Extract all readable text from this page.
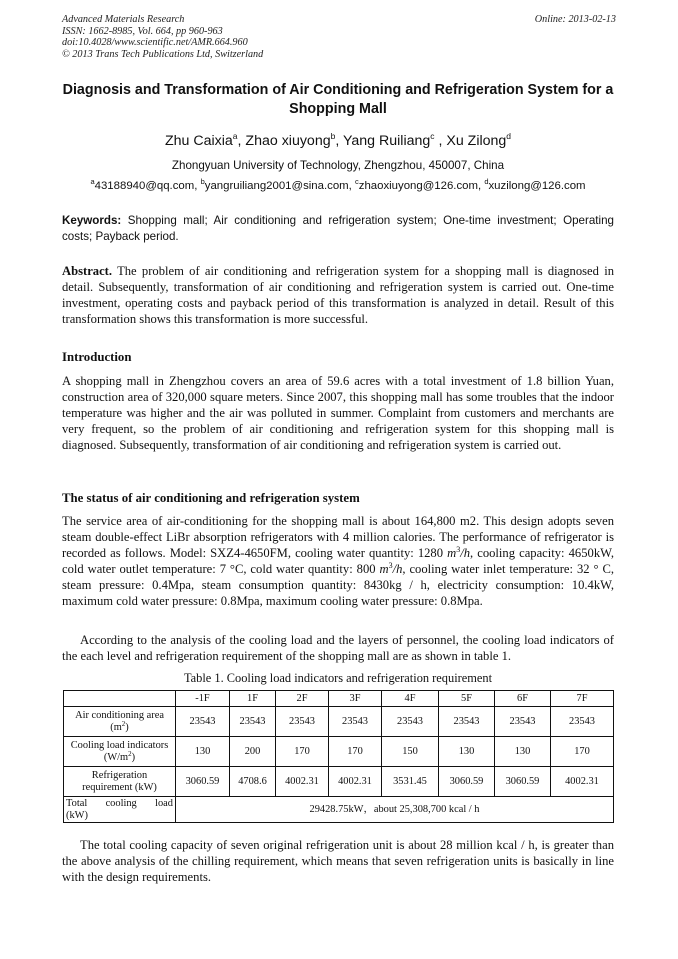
Advanced Materials Research
ISSN: 1662-8985, Vol. 664, pp 960-963
doi:10.4028/www.scientific.net/AMR.664.960
© 2013 Trans Tech Publications Ltd, Switzerland
Online: 2013-02-13
Diagnosis and Transformation of Air Conditioning and Refrigeration System for a Shopping Mall
Zhu Caixia$^a$, Zhao xiuyong$^b$, Yang Ruiliang$^c$ , Xu Zilong$^d$
Zhongyuan University of Technology, Zhengzhou, 450007, China
$^a$43188940@qq.com, $^b$yangruiliang2001@sina.com, $^c$zhaoxiuyong@126.com, $^d$xuzilong@126.com
Keywords: Shopping mall; Air conditioning and refrigeration system; One-time investment; Operating costs; Payback period.

Abstract. The problem of air conditioning and refrigeration system for a shopping mall is diagnosed in detail. Subsequently, transformation of air conditioning and refrigeration system is carried out. One-time investment, operating costs and payback period of this transformation is analyzed in detail. Result of this transformation shows this transformation is more successful.

Introduction

A shopping mall in Zhengzhou covers an area of 59.6 acres with a total investment of 1.8 billion Yuan, construction area of 320,000 square meters. Since 2007, this shopping mall has some troubles that the indoor temperature was higher and the air was polluted in summer. Complaint from customers and merchants are very frequent, so the problem of air conditioning and refrigeration system for this shopping mall is diagnosed. Subsequently, transformation of air conditioning and refrigeration system is carried out.

The status of air conditioning and refrigeration system

The service area of air-conditioning for the shopping mall is about 164,800 m2. This design adopts seven steam double-effect LiBr absorption refrigerators with 4 million calories. The performance of refrigerator is recorded as follows. Model: SXZ4-4650FM, cooling water quantity: 1280 $m^3/h$, cooling capacity: 4650kW, cold water outlet temperature: 7 °C, cold water quantity: 800 $m^3/h$, cooling water inlet temperature: 32 ° C, steam pressure: 0.4Mpa, steam consumption quantity: 8430kg / h, electricity consumption: 10.4kW, maximum cold water pressure: 0.8Mpa, maximum cooling water pressure: 0.8Mpa.

According to the analysis of the cooling load and the layers of personnel, the cooling load indicators of the each level and refrigeration requirement of the shopping mall are as shown in table 1.

Table 1. Cooling load indicators and refrigeration requirement
	-1F	1F	2F	3F	4F	5F	6F	7F
Air conditioning area
$(m^2)$	23543	23543	23543	23543	23543	23543	23543	23543
Cooling load indicators
$(W/m^2)$	130	200	170	170	150	130	130	170
Refrigeration
requirement (kW)	3060.59	4708.6	4002.31	4002.31	3531.45	3060.59	3060.59	4002.31

Total cooling load
(kW)	29428.75kW，about 25,308,700 kcal / h							

The total cooling capacity of seven original refrigeration unit is about 28 million kcal / h, is greater than the above analysis of the chilling requirement, which means that seven refrigeration units is basically in line with the design requirements.
